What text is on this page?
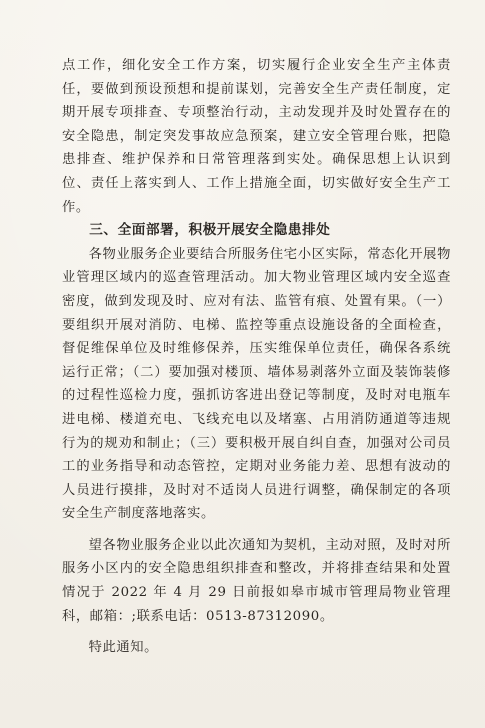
点工作，细化安全工作方案，切实履行企业安全生产主体责任，要做到预设预想和提前谋划，完善安全生产责任制度，定期开展专项排查、专项整治行动，主动发现并及时处置存在的安全隐患，制定突发事故应急预案，建立安全管理台账，把隐患排查、维护保养和日常管理落到实处。确保思想上认识到位、责任上落实到人、工作上措施全面，切实做好安全生产工作。

三、全面部署，积极开展安全隐患排处

各物业服务企业要结合所服务住宅小区实际，常态化开展物业管理区域内的巡查管理活动。加大物业管理区域内安全巡查密度，做到发现及时、应对有法、监管有痕、处置有果。（一）要组织开展对消防、电梯、监控等重点设施设备的全面检查，督促维保单位及时维修保养，压实维保单位责任，确保各系统运行正常；（二）要加强对楼顶、墙体易剥落外立面及装饰装修的过程性巡检力度，强抓访客进出登记等制度，及时对电瓶车进电梯、楼道充电、飞线充电以及堵塞、占用消防通道等违规行为的规劝和制止；（三）要积极开展自纠自查，加强对公司员工的业务指导和动态管控，定期对业务能力差、思想有波动的人员进行摸排，及时对不适岗人员进行调整，确保制定的各项安全生产制度落地落实。

望各物业服务企业以此次通知为契机，主动对照，及时对所服务小区内的安全隐患组织排查和整改，并将排查结果和处置情况于 2022 年 4 月 29 日前报如皋市城市管理局物业管理科，邮箱：;联系电话：0513-87312090。

特此通知。
